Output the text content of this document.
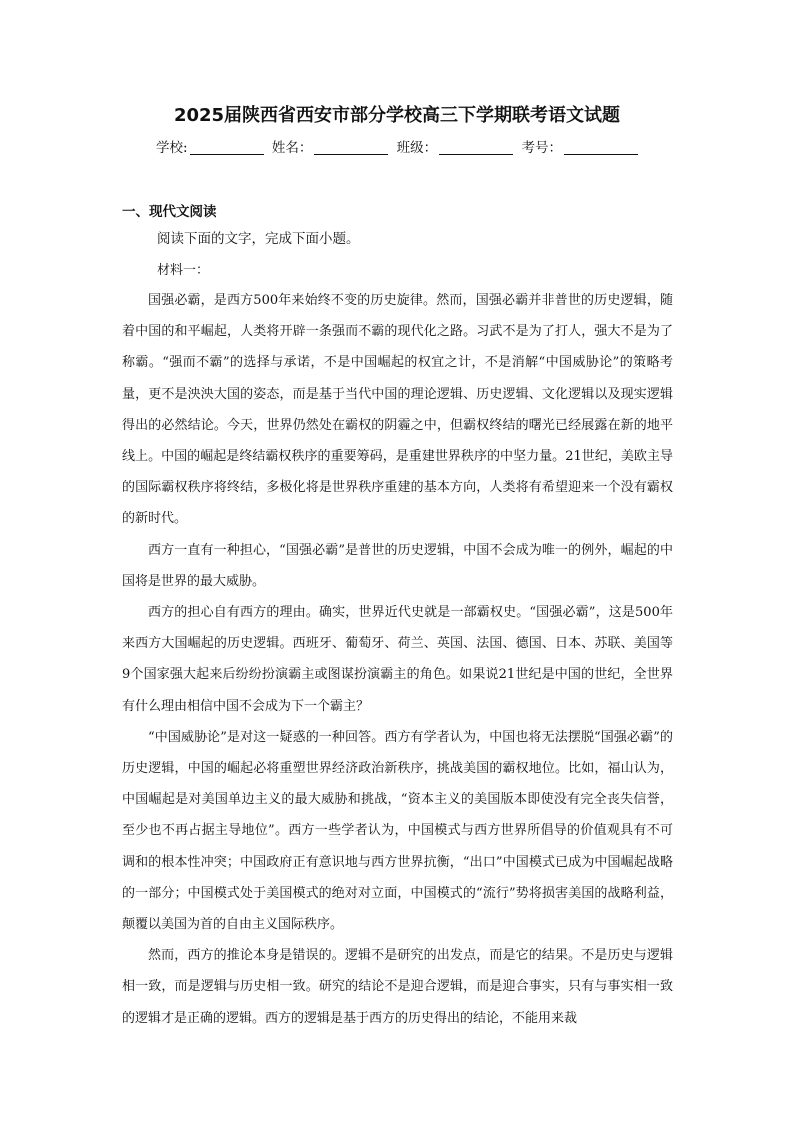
2025届陕西省西安市部分学校高三下学期联考语文试题
学校:	姓名：	班级：	考号：
一、现代文阅读
阅读下面的文字，完成下面小题。
材料一：

国强必霸，是西方500年来始终不变的历史旋律。然而，国强必霸并非普世的历史逻辑，随着中国的和平崛起，人类将开辟一条强而不霸的现代化之路。习武不是为了打人，强大不是为了称霸。“强而不霸”的选择与承诺，不是中国崛起的权宜之计，不是消解“中国威胁论”的策略考量，更不是泱泱大国的姿态，而是基于当代中国的理论逻辑、历史逻辑、文化逻辑以及现实逻辑得出的必然结论。今天，世界仍然处在霸权的阴霾之中，但霸权终结的曙光已经展露在新的地平线上。中国的崛起是终结霸权秩序的重要筹码，是重建世界秩序的中坚力量。21世纪，美欧主导的国际霸权秩序将终结，多极化将是世界秩序重建的基本方向，人类将有希望迎来一个没有霸权的新时代。

西方一直有一种担心，“国强必霸”是普世的历史逻辑，中国不会成为唯一的例外，崛起的中国将是世界的最大威胁。

西方的担心自有西方的理由。确实，世界近代史就是一部霸权史。“国强必霸”，这是500年来西方大国崛起的历史逻辑。西班牙、葡萄牙、荷兰、英国、法国、德国、日本、苏联、美国等9个国家强大起来后纷纷扮演霸主或图谋扮演霸主的角色。如果说21世纪是中国的世纪，全世界有什么理由相信中国不会成为下一个霸主？

“中国威胁论”是对这一疑惑的一种回答。西方有学者认为，中国也将无法摆脱“国强必霸”的历史逻辑，中国的崛起必将重塑世界经济政治新秩序，挑战美国的霸权地位。比如，福山认为，中国崛起是对美国单边主义的最大威胁和挑战，“资本主义的美国版本即使没有完全丧失信誉，至少也不再占据主导地位”。西方一些学者认为，中国模式与西方世界所倡导的价值观具有不可调和的根本性冲突；中国政府正有意识地与西方世界抗衡，“出口”中国模式已成为中国崛起战略的一部分；中国模式处于美国模式的绝对对立面，中国模式的“流行”势将损害美国的战略利益，颠覆以美国为首的自由主义国际秩序。

然而，西方的推论本身是错误的。逻辑不是研究的出发点，而是它的结果。不是历史与逻辑相一致，而是逻辑与历史相一致。研究的结论不是迎合逻辑，而是迎合事实，只有与事实相一致的逻辑才是正确的逻辑。西方的逻辑是基于西方的历史得出的结论，不能用来裁
